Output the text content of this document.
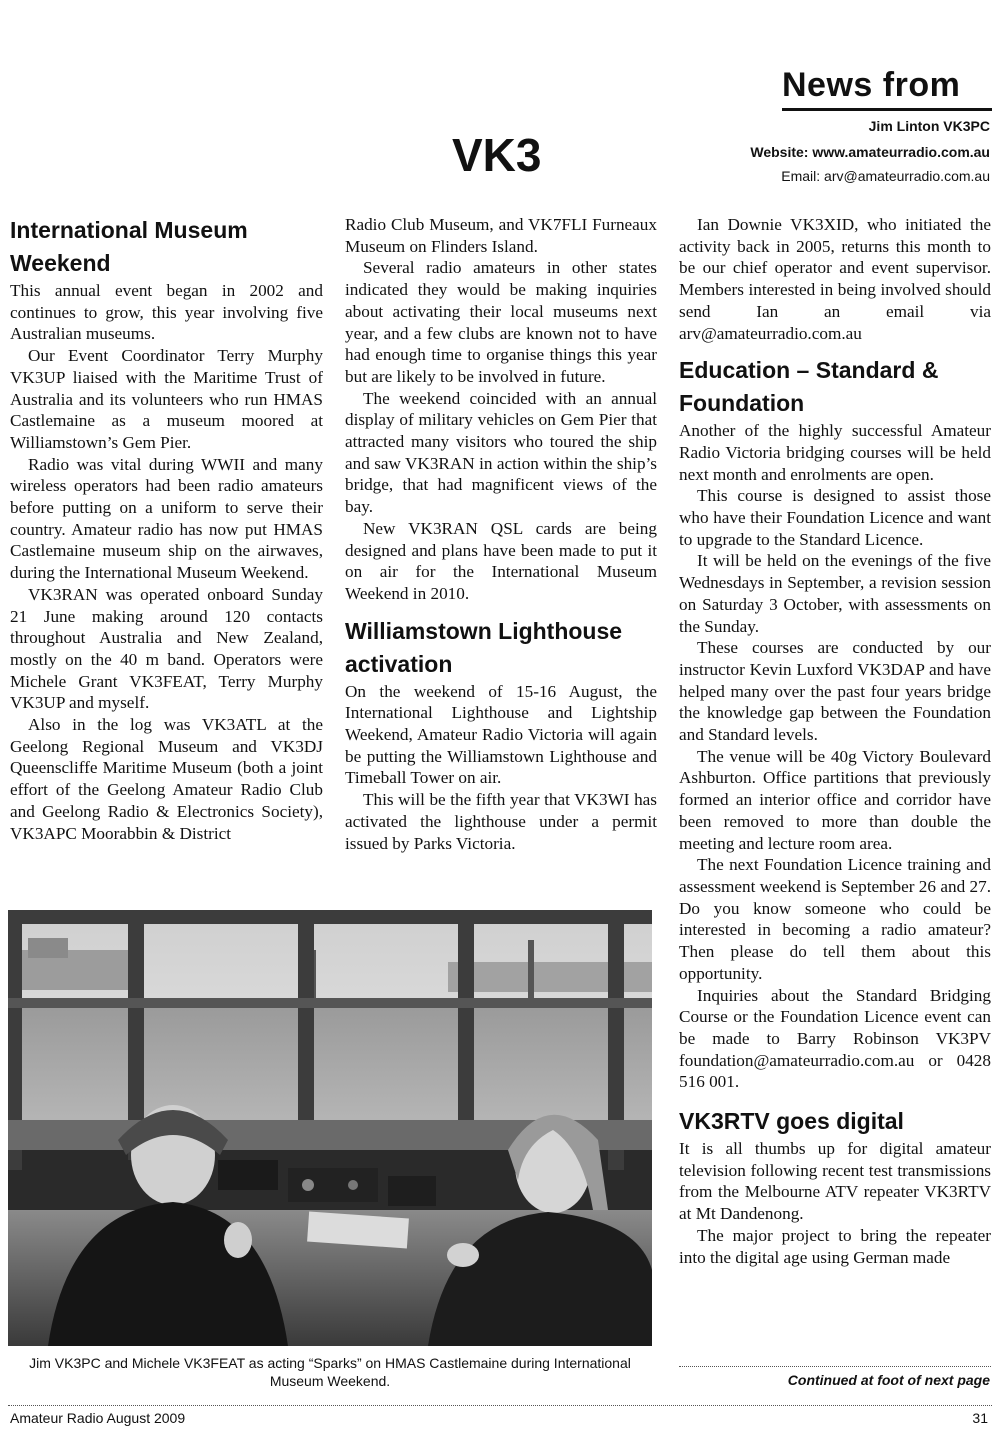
News from
Jim Linton VK3PC
Website: www.amateurradio.com.au
Email: arv@amateurradio.com.au
VK3
International Museum Weekend

This annual event began in 2002 and continues to grow, this year involving five Australian museums.

Our Event Coordinator Terry Murphy VK3UP liaised with the Maritime Trust of Australia and its volunteers who run HMAS Castlemaine as a museum moored at Williamstown’s Gem Pier.

Radio was vital during WWII and many wireless operators had been radio amateurs before putting on a uniform to serve their country. Amateur radio has now put HMAS Castlemaine museum ship on the airwaves, during the International Museum Weekend.

VK3RAN was operated onboard Sunday 21 June making around 120 contacts throughout Australia and New Zealand, mostly on the 40 m band. Operators were Michele Grant VK3FEAT, Terry Murphy VK3UP and myself.

Also in the log was VK3ATL at the Geelong Regional Museum and VK3DJ Queenscliffe Maritime Museum (both a joint effort of the Geelong Amateur Radio Club and Geelong Radio & Electronics Society), VK3APC Moorabbin & District

Radio Club Museum, and VK7FLI Furneaux Museum on Flinders Island.

Several radio amateurs in other states indicated they would be making inquiries about activating their local museums next year, and a few clubs are known not to have had enough time to organise things this year but are likely to be involved in future.

The weekend coincided with an annual display of military vehicles on Gem Pier that attracted many visitors who toured the ship and saw VK3RAN in action within the ship’s bridge, that had magnificent views of the bay.

New VK3RAN QSL cards are being designed and plans have been made to put it on air for the International Museum Weekend in 2010.

Williamstown Lighthouse activation

On the weekend of 15-16 August, the International Lighthouse and Lightship Weekend, Amateur Radio Victoria will again be putting the Williamstown Lighthouse and Timeball Tower on air.

This will be the fifth year that VK3WI has activated the lighthouse under a permit issued by Parks Victoria.

Ian Downie VK3XID, who initiated the activity back in 2005, returns this month to be our chief operator and event supervisor. Members interested in being involved should send Ian an email via arv@amateurradio.com.au

Education – Standard & Foundation

Another of the highly successful Amateur Radio Victoria bridging courses will be held next month and enrolments are open.

This course is designed to assist those who have their Foundation Licence and want to upgrade to the Standard Licence.

It will be held on the evenings of the five Wednesdays in September, a revision session on Saturday 3 October, with assessments on the Sunday.

These courses are conducted by our instructor Kevin Luxford VK3DAP and have helped many over the past four years bridge the knowledge gap between the Foundation and Standard levels.

The venue will be 40g Victory Boulevard Ashburton. Office partitions that previously formed an interior office and corridor have been removed to more than double the meeting and lecture room area.

The next Foundation Licence training and assessment weekend is September 26 and 27. Do you know someone who could be interested in becoming a radio amateur? Then please do tell them about this opportunity.

Inquiries about the Standard Bridging Course or the Foundation Licence event can be made to Barry Robinson VK3PV foundation@amateurradio.com.au or 0428 516 001.

VK3RTV goes digital

It is all thumbs up for digital amateur television following recent test transmissions from the Melbourne ATV repeater VK3RTV at Mt Dandenong.

The major project to bring the repeater into the digital age using German made

Jim VK3PC and Michele VK3FEAT as acting “Sparks” on HMAS Castlemaine during International Museum Weekend.	Continued at foot of next page
Amateur Radio August 2009	31
